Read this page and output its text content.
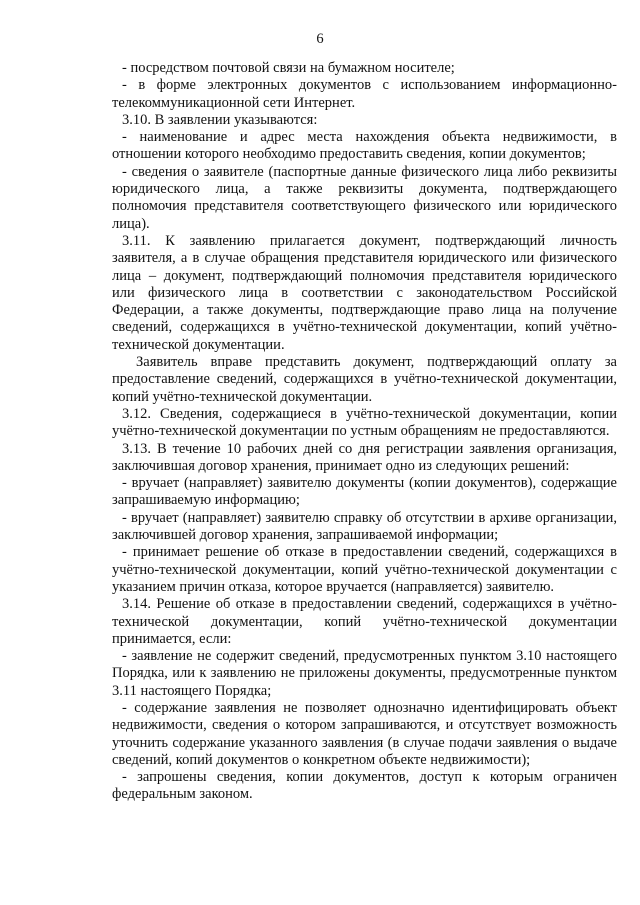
6

- посредством почтовой связи на бумажном носителе;

- в форме электронных документов с использованием информационно-телекоммуникационной сети Интернет.

3.10. В заявлении указываются:

- наименование и адрес места нахождения объекта недвижимости, в отношении которого необходимо предоставить сведения, копии документов;

- сведения о заявителе (паспортные данные физического лица либо реквизиты юридического лица, а также реквизиты документа, подтверждающего полномочия представителя соответствующего физического или юридического лица).

3.11. К заявлению прилагается документ, подтверждающий личность заявителя, а в случае обращения представителя юридического или физического лица – документ, подтверждающий полномочия представителя юридического или физического лица в соответствии с законодательством Российской Федерации, а также документы, подтверждающие право лица на получение сведений, содержащихся в учётно-технической документации, копий учётно-технической документации.

Заявитель вправе представить документ, подтверждающий оплату за предоставление сведений, содержащихся в учётно-технической документации, копий учётно-технической документации.

3.12. Сведения, содержащиеся в учётно-технической документации, копии учётно-технической документации по устным обращениям не предоставляются.

3.13. В течение 10 рабочих дней со дня регистрации заявления организация, заключившая договор хранения, принимает одно из следующих решений:

- вручает (направляет) заявителю документы (копии документов), содержащие запрашиваемую информацию;

- вручает (направляет) заявителю справку об отсутствии в архиве организации, заключившей договор хранения, запрашиваемой информации;

- принимает решение об отказе в предоставлении сведений, содержащихся в учётно-технической документации, копий учётно-технической документации с указанием причин отказа, которое вручается (направляется) заявителю.

3.14. Решение об отказе в предоставлении сведений, содержащихся в учётно-технической документации, копий учётно-технической документации принимается, если:

- заявление не содержит сведений, предусмотренных пунктом 3.10 настоящего Порядка, или к заявлению не приложены документы, предусмотренные пунктом 3.11 настоящего Порядка;

- содержание заявления не позволяет однозначно идентифицировать объект недвижимости, сведения о котором запрашиваются, и отсутствует возможность уточнить содержание указанного заявления (в случае подачи заявления о выдаче сведений, копий документов о конкретном объекте недвижимости);

- запрошены сведения, копии документов, доступ к которым ограничен федеральным законом.
